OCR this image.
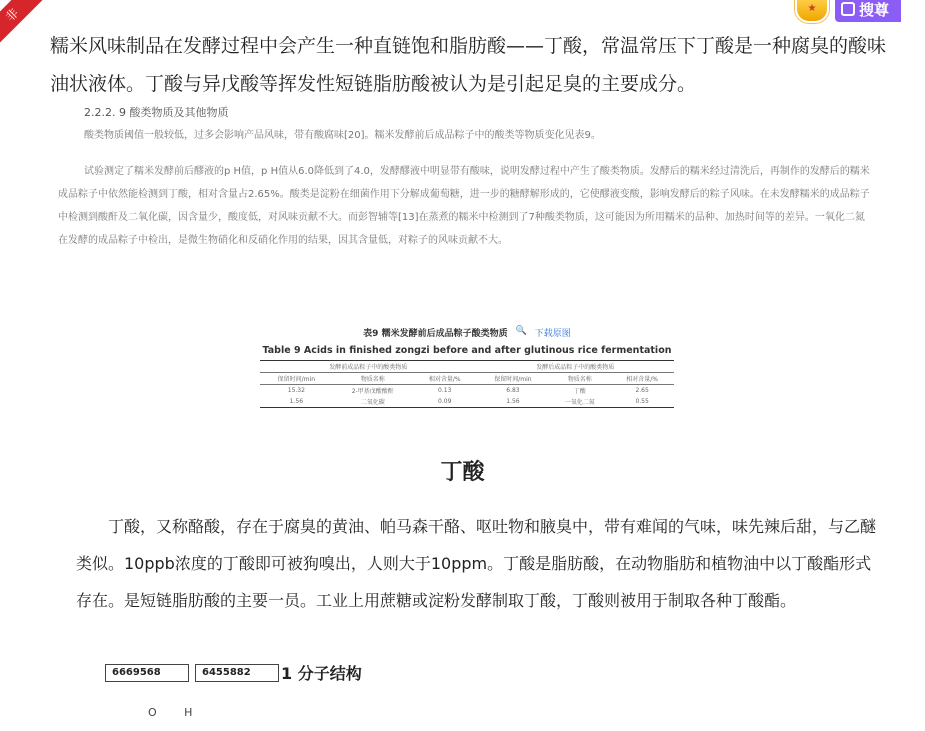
非	★	搜尊

糯米风味制品在发酵过程中会产生一种直链饱和脂肪酸——丁酸，常温常压下丁酸是一种腐臭的酸味油状液体。丁酸与异戊酸等挥发性短链脂肪酸被认为是引起足臭的主要成分。

2.2.2. 9 酸类物质及其他物质
酸类物质阈值一般较低，过多会影响产品风味，带有酸腐味[20]。糯米发酵前后成品粽子中的酸类等物质变化见表9。
试验测定了糯米发酵前后醪液的p H值，p H值从6.0降低到了4.0，发酵醪液中明显带有酸味，说明发酵过程中产生了酸类物质。发酵后的糯米经过清洗后，再制作的发酵后的糯米成品粽子中依然能检测到丁酸，相对含量占2.65%。酸类是淀粉在细菌作用下分解成葡萄糖，进一步的糖酵解形成的，它使醪液变酸，影响发酵后的粽子风味。在未发酵糯米的成品粽子中检测到酸酐及二氧化碳，因含量少，酸度低，对风味贡献不大。而彭智辅等[13]在蒸煮的糯米中检测到了7种酸类物质，这可能因为所用糯米的品种、加热时间等的差异。一氧化二氮在发酵的成品粽子中检出，是微生物硝化和反硝化作用的结果，因其含量低，对粽子的风味贡献不大。
表9 糯米发酵前后成品粽子酸类物质 🔍 下载原图
Table 9 Acids in finished zongzi before and after glutinous rice fermentation
发酵前成品粽子中的酸类物质			发酵后成品粽子中的酸类物质		
保留时间/min	物质名称	相对含量/%	保留时间/min	物质名称	相对含量/%
15.32	2-甲基戊酸酸酐	0.13	6.83	丁酸	2.65
1.56	二氧化碳	0.09	1.56	一氧化二氮	0.55
丁酸

丁酸，又称酪酸，存在于腐臭的黄油、帕马森干酪、呕吐物和腋臭中，带有难闻的气味，味先辣后甜，与乙醚类似。10ppb浓度的丁酸即可被狗嗅出，人则大于10ppm。丁酸是脂肪酸，在动物脂肪和植物油中以丁酸酯形式存在。是短链脂肪酸的主要一员。工业上用蔗糖或淀粉发酵制取丁酸，丁酸则被用于制取各种丁酸酯。

6669568	6455882	1 分子结构
O	H
